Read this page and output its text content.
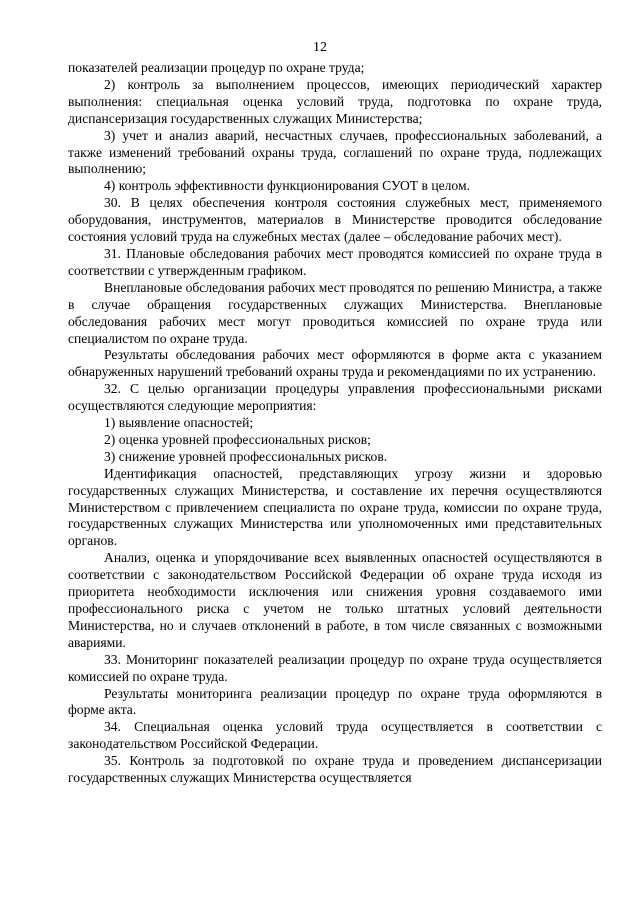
12

показателей реализации процедур по охране труда;

2) контроль за выполнением процессов, имеющих периодический характер выполнения: специальная оценка условий труда, подготовка по охране труда, диспансеризация государственных служащих Министерства;

3) учет и анализ аварий, несчастных случаев, профессиональных заболеваний, а также изменений требований охраны труда, соглашений по охране труда, подлежащих выполнению;

4) контроль эффективности функционирования СУОТ в целом.

30. В целях обеспечения контроля состояния служебных мест, применяемого оборудования, инструментов, материалов в Министерстве проводится обследование состояния условий труда на служебных местах (далее – обследование рабочих мест).

31. Плановые обследования рабочих мест проводятся комиссией по охране труда в соответствии с утвержденным графиком.

Внеплановые обследования рабочих мест проводятся по решению Министра, а также в случае обращения государственных служащих Министерства. Внеплановые обследования рабочих мест могут проводиться комиссией по охране труда или специалистом по охране труда.

Результаты обследования рабочих мест оформляются в форме акта с указанием обнаруженных нарушений требований охраны труда и рекомендациями по их устранению.

32. С целью организации процедуры управления профессиональными рисками осуществляются следующие мероприятия:

1) выявление опасностей;

2) оценка уровней профессиональных рисков;

3) снижение уровней профессиональных рисков.

Идентификация опасностей, представляющих угрозу жизни и здоровью государственных служащих Министерства, и составление их перечня осуществляются Министерством с привлечением специалиста по охране труда, комиссии по охране труда, государственных служащих Министерства или уполномоченных ими представительных органов.

Анализ, оценка и упорядочивание всех выявленных опасностей осуществляются в соответствии с законодательством Российской Федерации об охране труда исходя из приоритета необходимости исключения или снижения уровня создаваемого ими профессионального риска с учетом не только штатных условий деятельности Министерства, но и случаев отклонений в работе, в том числе связанных с возможными авариями.

33. Мониторинг показателей реализации процедур по охране труда осуществляется комиссией по охране труда.

Результаты мониторинга реализации процедур по охране труда оформляются в форме акта.

34. Специальная оценка условий труда осуществляется в соответствии с законодательством Российской Федерации.

35. Контроль за подготовкой по охране труда и проведением диспансеризации государственных служащих Министерства осуществляется
